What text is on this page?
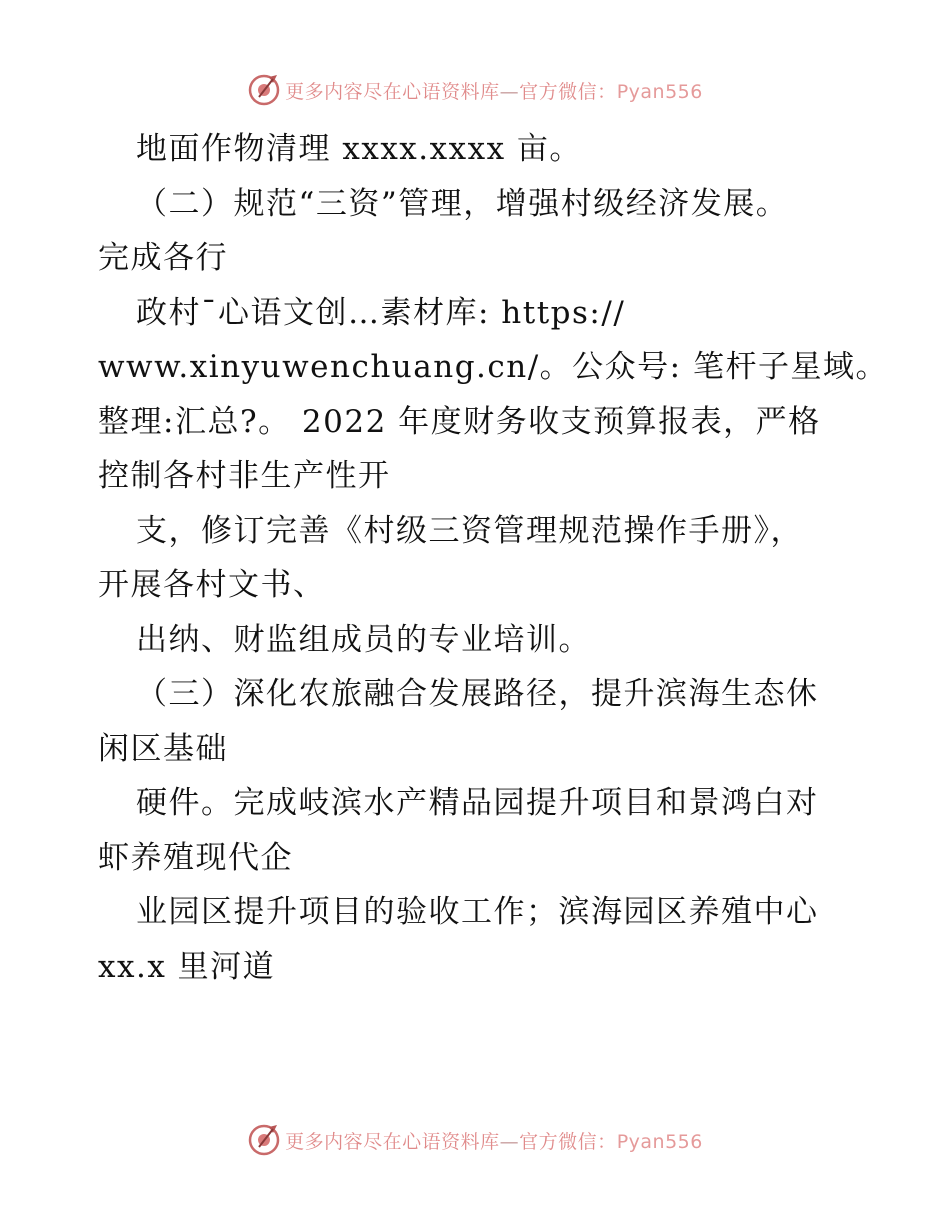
更多内容尽在心语资料库—官方微信：Pyan556
地面作物清理 xxxx.xxxx 亩。
（二）规范“三资”管理，增强村级经济发展。
完成各行
政村¯心语文创…素材库: https://
www.xinyuwenchuang.cn/。公众号: 笔杆子星域。
整理:汇总?。 2022 年度财务收支预算报表，严格
控制各村非生产性开
支，修订完善《村级三资管理规范操作手册》，
开展各村文书、
出纳、财监组成员的专业培训。
（三）深化农旅融合发展路径，提升滨海生态休
闲区基础
硬件。完成岐滨水产精品园提升项目和景鸿白对
虾养殖现代企
业园区提升项目的验收工作；滨海园区养殖中心
xx.x 里河道
更多内容尽在心语资料库—官方微信：Pyan556
